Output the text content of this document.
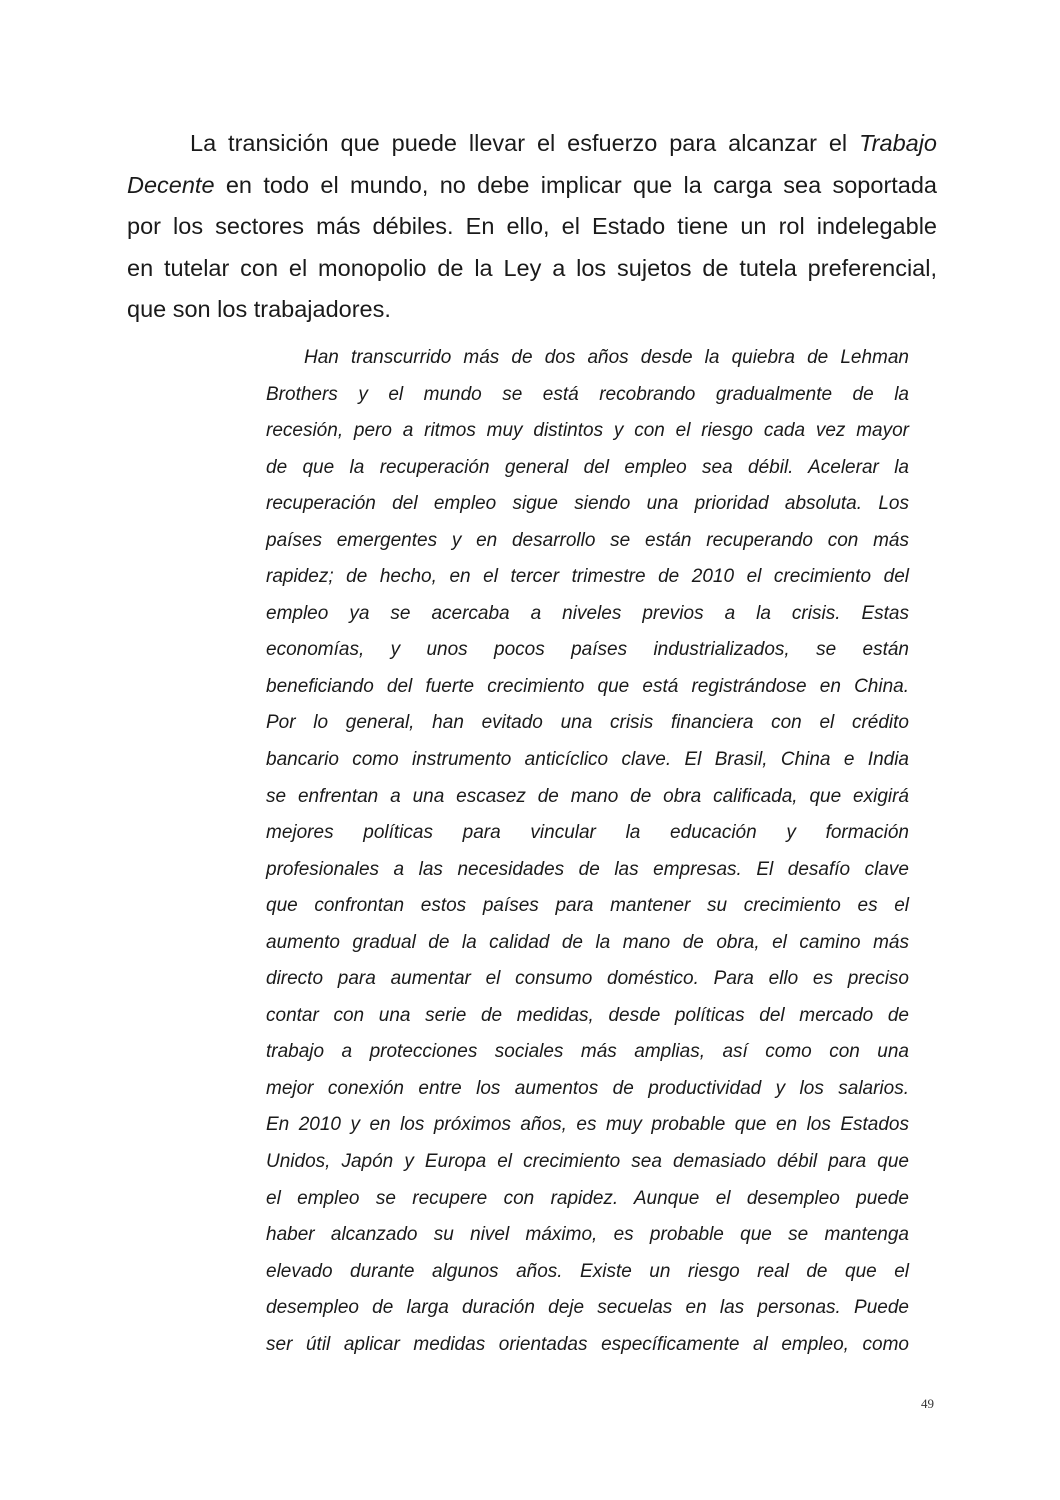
La transición que puede llevar el esfuerzo para alcanzar el Trabajo
Decente en todo el mundo, no debe implicar que la carga sea soportada
por los sectores más débiles. En ello, el Estado tiene un rol indelegable
en tutelar con el monopolio de la Ley a los sujetos de tutela preferencial,
que son los trabajadores.
Han transcurrido más de dos años desde la quiebra de Lehman
Brothers y el mundo se está recobrando gradualmente de la
recesión, pero a ritmos muy distintos y con el riesgo cada vez mayor
de que la recuperación general del empleo sea débil. Acelerar la
recuperación del empleo sigue siendo una prioridad absoluta. Los
países emergentes y en desarrollo se están recuperando con más
rapidez; de hecho, en el tercer trimestre de 2010 el crecimiento del
empleo ya se acercaba a niveles previos a la crisis. Estas
economías, y unos pocos países industrializados, se están
beneficiando del fuerte crecimiento que está registrándose en China.
Por lo general, han evitado una crisis financiera con el crédito
bancario como instrumento anticíclico clave. El Brasil, China e India
se enfrentan a una escasez de mano de obra calificada, que exigirá
mejores políticas para vincular la educación y formación
profesionales a las necesidades de las empresas. El desafío clave
que confrontan estos países para mantener su crecimiento es el
aumento gradual de la calidad de la mano de obra, el camino más
directo para aumentar el consumo doméstico. Para ello es preciso
contar con una serie de medidas, desde políticas del mercado de
trabajo a protecciones sociales más amplias, así como con una
mejor conexión entre los aumentos de productividad y los salarios.
En 2010 y en los próximos años, es muy probable que en los Estados
Unidos, Japón y Europa el crecimiento sea demasiado débil para que
el empleo se recupere con rapidez. Aunque el desempleo puede
haber alcanzado su nivel máximo, es probable que se mantenga
elevado durante algunos años. Existe un riesgo real de que el
desempleo de larga duración deje secuelas en las personas. Puede
ser útil aplicar medidas orientadas específicamente al empleo, como
49
